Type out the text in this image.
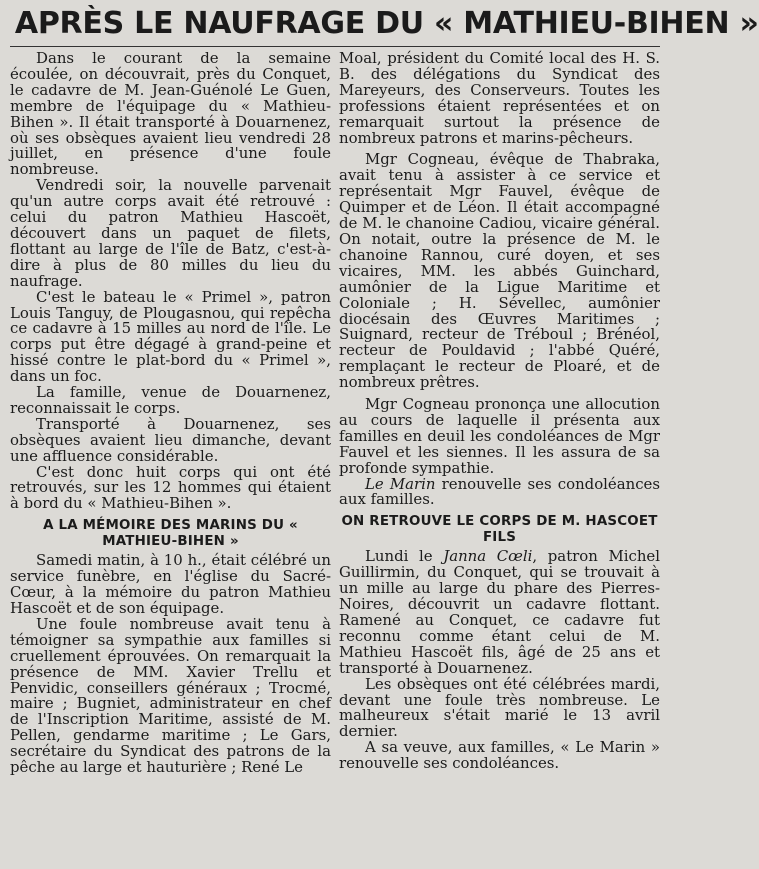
APRÈS LE NAUFRAGE DU « MATHIEU-BIHEN »

Dans le courant de la semaine écoulée, on découvrait, près du Conquet, le cadavre de M. Jean-Guénolé Le Guen, membre de l'équipage du « Mathieu-Bihen ». Il était transporté à Douarnenez, où ses obsèques avaient lieu vendredi 28 juillet, en présence d'une foule nombreuse.

Vendredi soir, la nouvelle parvenait qu'un autre corps avait été retrouvé : celui du patron Mathieu Hascoët, découvert dans un paquet de filets, flottant au large de l'île de Batz, c'est-à-dire à plus de 80 milles du lieu du naufrage.

C'est le bateau le « Primel », patron Louis Tanguy, de Plougasnou, qui repêcha ce cadavre à 15 milles au nord de l'île. Le corps put être dégagé à grand-peine et hissé contre le plat-bord du « Primel », dans un foc.

La famille, venue de Douarnenez, reconnaissait le corps.

Transporté à Douarnenez, ses obsèques avaient lieu dimanche, devant une affluence considérable.

C'est donc huit corps qui ont été retrouvés, sur les 12 hommes qui étaient à bord du « Mathieu-Bihen ».

A LA MÉMOIRE DES MARINS DU « MATHIEU-BIHEN »

Samedi matin, à 10 h., était célébré un service funèbre, en l'église du Sacré-Cœur, à la mémoire du patron Mathieu Hascoët et de son équipage.

Une foule nombreuse avait tenu à témoigner sa sympathie aux familles si cruellement éprouvées. On remarquait la présence de MM. Xavier Trellu et Penvidic, conseillers généraux ; Trocmé, maire ; Bugniet, administrateur en chef de l'Inscription Maritime, assisté de M. Pellen, gendarme maritime ; Le Gars, secrétaire du Syndicat des patrons de la pêche au large et hauturière ; René Le

Moal, président du Comité local des H. S. B. des délégations du Syndicat des Mareyeurs, des Conserveurs. Toutes les professions étaient représentées et on remarquait surtout la présence de nombreux patrons et marins-pêcheurs.

Mgr Cogneau, évêque de Thabraka, avait tenu à assister à ce service et représentait Mgr Fauvel, évêque de Quimper et de Léon. Il était accompagné de M. le chanoine Cadiou, vicaire général. On notait, outre la présence de M. le chanoine Rannou, curé doyen, et ses vicaires, MM. les abbés Guinchard, aumônier de la Ligue Maritime et Coloniale ; H. Sévellec, aumônier diocésain des Œuvres Maritimes ; Suignard, recteur de Tréboul ; Brénéol, recteur de Pouldavid ; l'abbé Quéré, remplaçant le recteur de Ploaré, et de nombreux prêtres.

Mgr Cogneau prononça une allocution au cours de laquelle il présenta aux familles en deuil les condoléances de Mgr Fauvel et les siennes. Il les assura de sa profonde sympathie.

Le Marin renouvelle ses condoléances aux familles.

ON RETROUVE LE CORPS DE M. HASCOET FILS

Lundi le Janna Cœli, patron Michel Guillirmin, du Conquet, qui se trouvait à un mille au large du phare des Pierres-Noires, découvrit un cadavre flottant. Ramené au Conquet, ce cadavre fut reconnu comme étant celui de M. Mathieu Hascoët fils, âgé de 25 ans et transporté à Douarnenez.

Les obsèques ont été célébrées mardi, devant une foule très nombreuse. Le malheureux s'était marié le 13 avril dernier.

A sa veuve, aux familles, « Le Marin » renouvelle ses condoléances.
